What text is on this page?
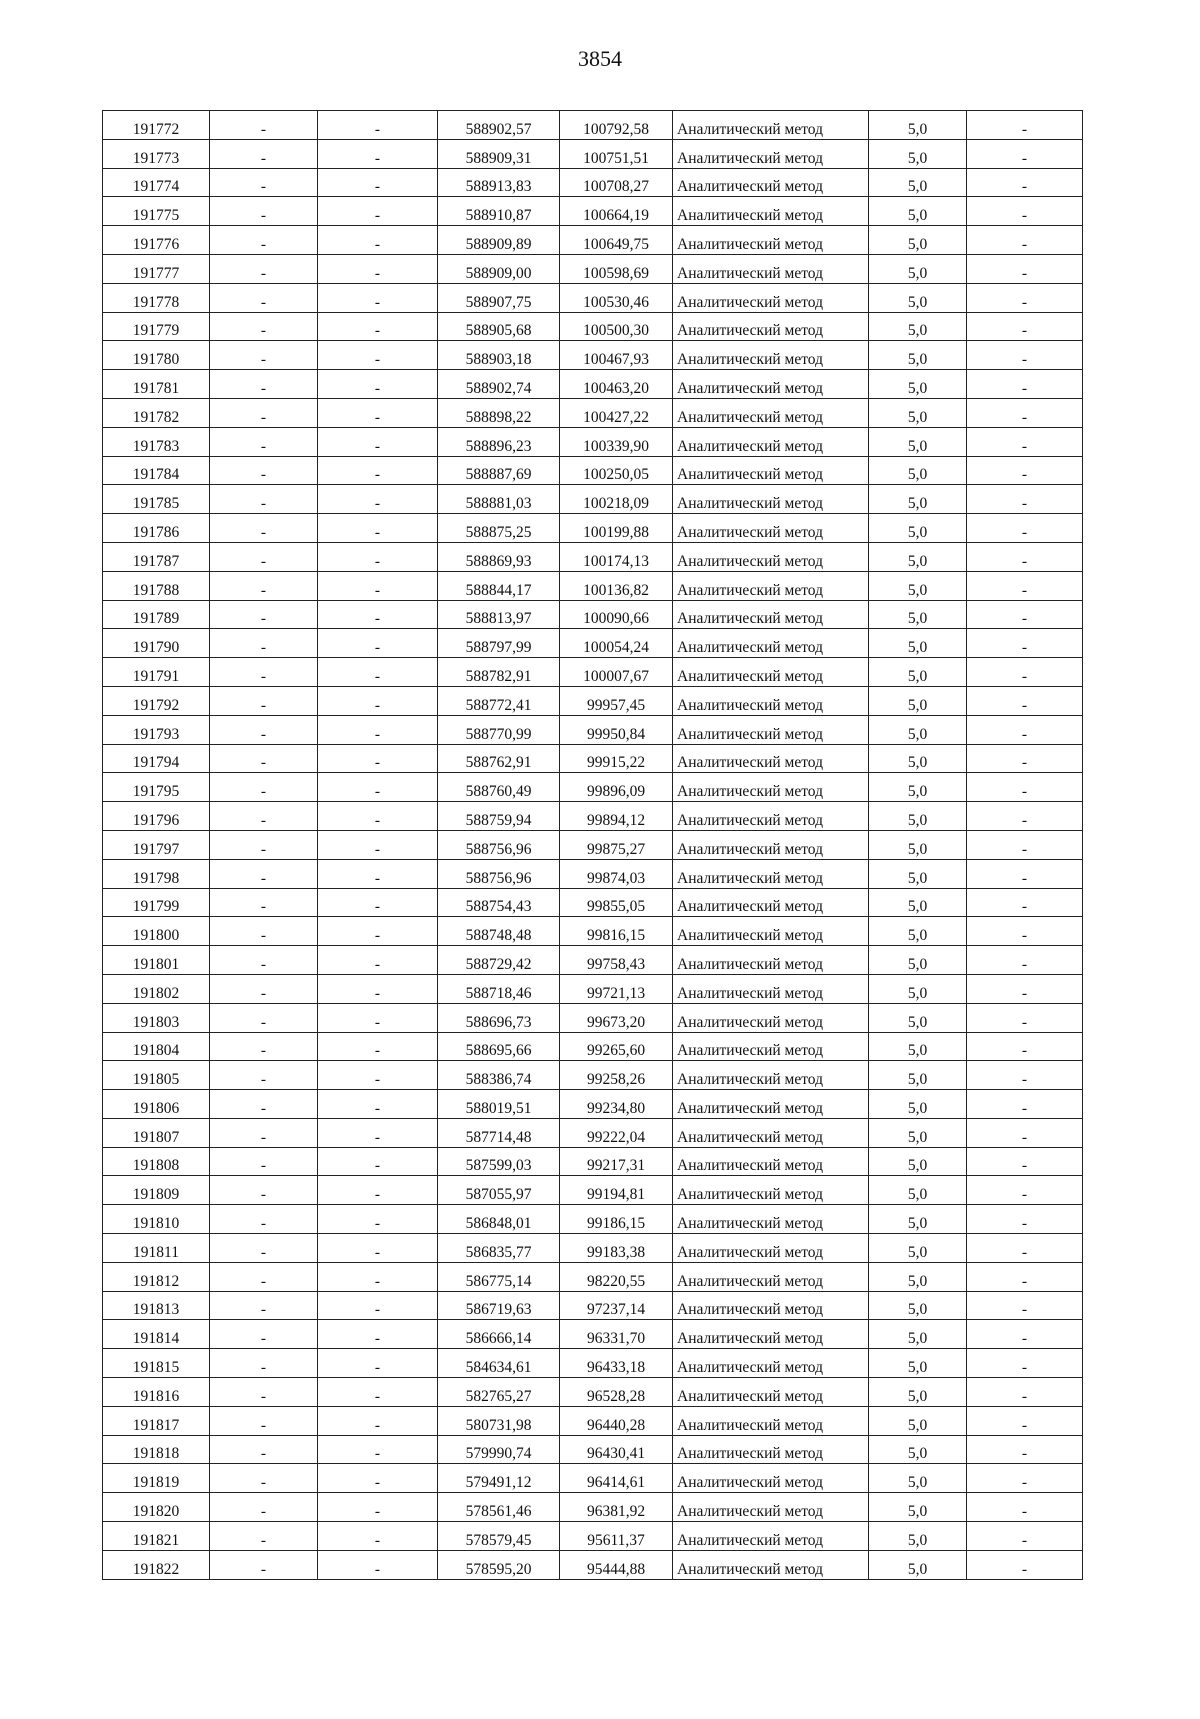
3854
191772	-	-	588902,57	100792,58	Аналитический метод	5,0	-
191773	-	-	588909,31	100751,51	Аналитический метод	5,0	-
191774	-	-	588913,83	100708,27	Аналитический метод	5,0	-
191775	-	-	588910,87	100664,19	Аналитический метод	5,0	-
191776	-	-	588909,89	100649,75	Аналитический метод	5,0	-
191777	-	-	588909,00	100598,69	Аналитический метод	5,0	-
191778	-	-	588907,75	100530,46	Аналитический метод	5,0	-
191779	-	-	588905,68	100500,30	Аналитический метод	5,0	-
191780	-	-	588903,18	100467,93	Аналитический метод	5,0	-
191781	-	-	588902,74	100463,20	Аналитический метод	5,0	-
191782	-	-	588898,22	100427,22	Аналитический метод	5,0	-
191783	-	-	588896,23	100339,90	Аналитический метод	5,0	-
191784	-	-	588887,69	100250,05	Аналитический метод	5,0	-
191785	-	-	588881,03	100218,09	Аналитический метод	5,0	-
191786	-	-	588875,25	100199,88	Аналитический метод	5,0	-
191787	-	-	588869,93	100174,13	Аналитический метод	5,0	-
191788	-	-	588844,17	100136,82	Аналитический метод	5,0	-
191789	-	-	588813,97	100090,66	Аналитический метод	5,0	-
191790	-	-	588797,99	100054,24	Аналитический метод	5,0	-
191791	-	-	588782,91	100007,67	Аналитический метод	5,0	-
191792	-	-	588772,41	99957,45	Аналитический метод	5,0	-
191793	-	-	588770,99	99950,84	Аналитический метод	5,0	-
191794	-	-	588762,91	99915,22	Аналитический метод	5,0	-
191795	-	-	588760,49	99896,09	Аналитический метод	5,0	-
191796	-	-	588759,94	99894,12	Аналитический метод	5,0	-
191797	-	-	588756,96	99875,27	Аналитический метод	5,0	-
191798	-	-	588756,96	99874,03	Аналитический метод	5,0	-
191799	-	-	588754,43	99855,05	Аналитический метод	5,0	-
191800	-	-	588748,48	99816,15	Аналитический метод	5,0	-
191801	-	-	588729,42	99758,43	Аналитический метод	5,0	-
191802	-	-	588718,46	99721,13	Аналитический метод	5,0	-
191803	-	-	588696,73	99673,20	Аналитический метод	5,0	-
191804	-	-	588695,66	99265,60	Аналитический метод	5,0	-
191805	-	-	588386,74	99258,26	Аналитический метод	5,0	-
191806	-	-	588019,51	99234,80	Аналитический метод	5,0	-
191807	-	-	587714,48	99222,04	Аналитический метод	5,0	-
191808	-	-	587599,03	99217,31	Аналитический метод	5,0	-
191809	-	-	587055,97	99194,81	Аналитический метод	5,0	-
191810	-	-	586848,01	99186,15	Аналитический метод	5,0	-
191811	-	-	586835,77	99183,38	Аналитический метод	5,0	-
191812	-	-	586775,14	98220,55	Аналитический метод	5,0	-
191813	-	-	586719,63	97237,14	Аналитический метод	5,0	-
191814	-	-	586666,14	96331,70	Аналитический метод	5,0	-
191815	-	-	584634,61	96433,18	Аналитический метод	5,0	-
191816	-	-	582765,27	96528,28	Аналитический метод	5,0	-
191817	-	-	580731,98	96440,28	Аналитический метод	5,0	-
191818	-	-	579990,74	96430,41	Аналитический метод	5,0	-
191819	-	-	579491,12	96414,61	Аналитический метод	5,0	-
191820	-	-	578561,46	96381,92	Аналитический метод	5,0	-
191821	-	-	578579,45	95611,37	Аналитический метод	5,0	-
191822	-	-	578595,20	95444,88	Аналитический метод	5,0	-
